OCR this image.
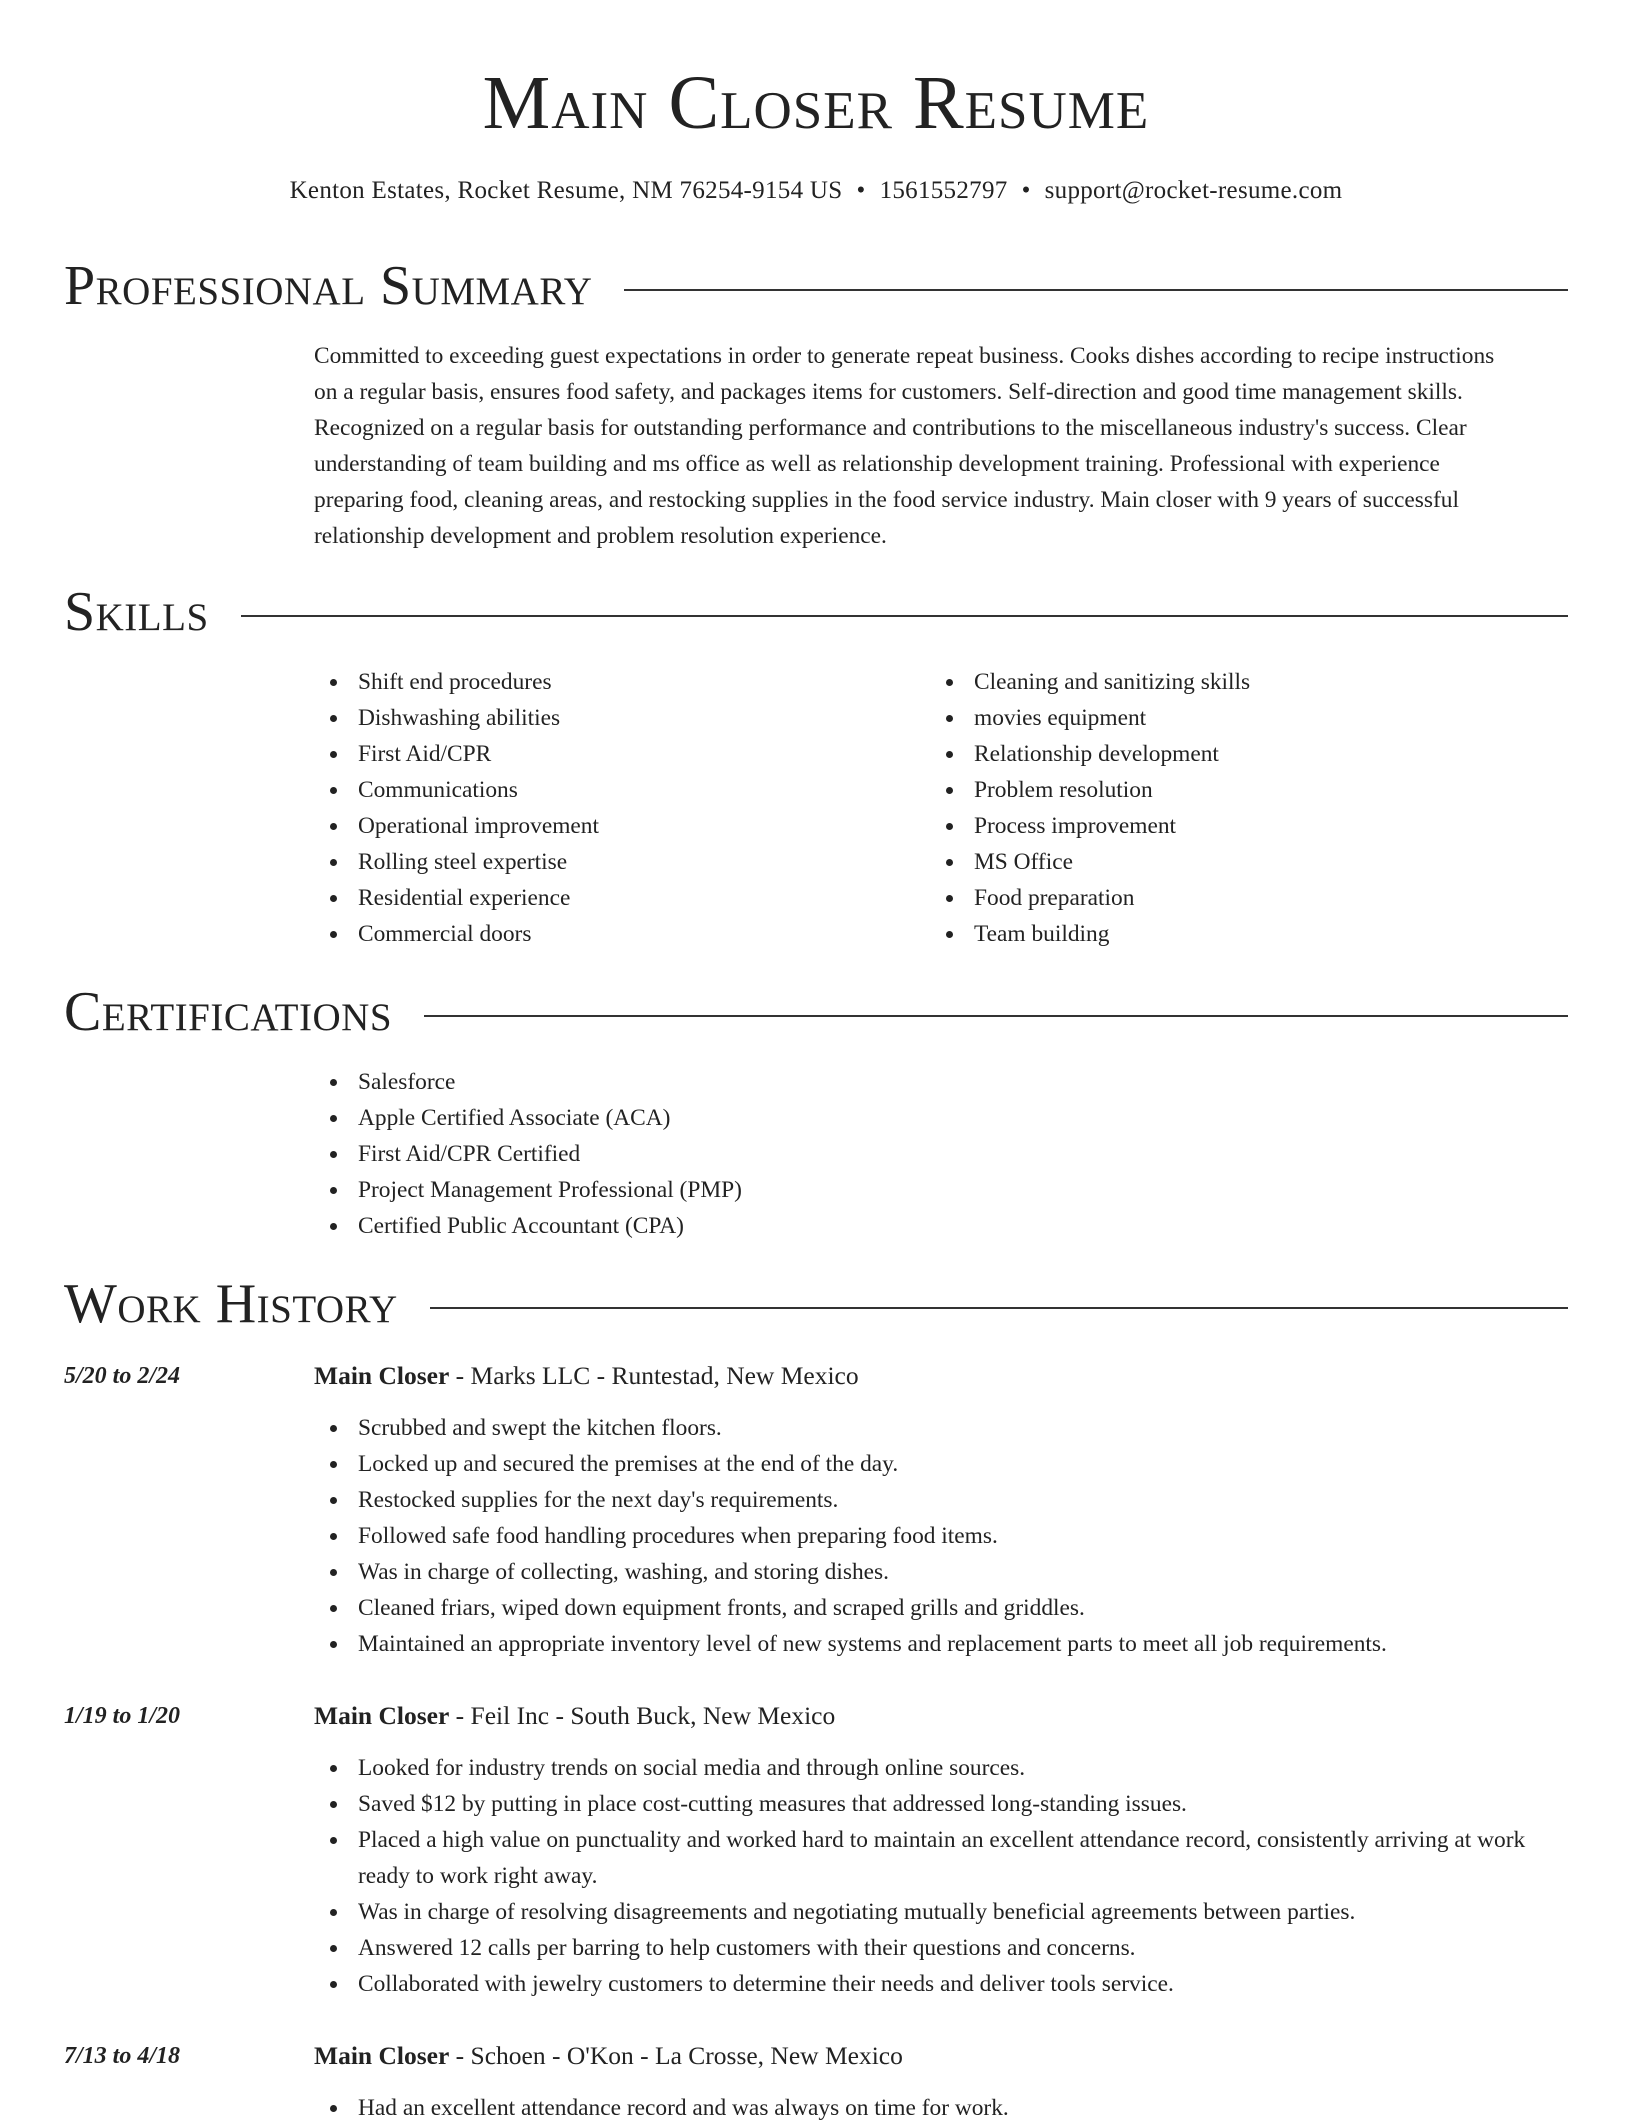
Main Closer Resume
Kenton Estates, Rocket Resume, NM 76254-9154 US • 1561552797 • support@rocket-resume.com
Professional Summary

Committed to exceeding guest expectations in order to generate repeat business. Cooks dishes according to recipe instructions on a regular basis, ensures food safety, and packages items for customers. Self-direction and good time management skills. Recognized on a regular basis for outstanding performance and contributions to the miscellaneous industry's success. Clear understanding of team building and ms office as well as relationship development training. Professional with experience preparing food, cleaning areas, and restocking supplies in the food service industry. Main closer with 9 years of successful relationship development and problem resolution experience.

Skills
Shift end procedures
Dishwashing abilities
First Aid/CPR
Communications
Operational improvement
Rolling steel expertise
Residential experience
Commercial doors
Cleaning and sanitizing skills
movies equipment
Relationship development
Problem resolution
Process improvement
MS Office
Food preparation
Team building
Certifications
Salesforce
Apple Certified Associate (ACA)
First Aid/CPR Certified
Project Management Professional (PMP)
Certified Public Accountant (CPA)
Work History
5/20 to 2/24	Main Closer - Marks LLC - Runtestad, New Mexico
Scrubbed and swept the kitchen floors.
Locked up and secured the premises at the end of the day.
Restocked supplies for the next day's requirements.
Followed safe food handling procedures when preparing food items.
Was in charge of collecting, washing, and storing dishes.
Cleaned friars, wiped down equipment fronts, and scraped grills and griddles.
Maintained an appropriate inventory level of new systems and replacement parts to meet all job requirements.
1/19 to 1/20	Main Closer - Feil Inc - South Buck, New Mexico
Looked for industry trends on social media and through online sources.
Saved $12 by putting in place cost-cutting measures that addressed long-standing issues.
Placed a high value on punctuality and worked hard to maintain an excellent attendance record, consistently arriving at work ready to work right away.
Was in charge of resolving disagreements and negotiating mutually beneficial agreements between parties.
Answered 12 calls per barring to help customers with their questions and concerns.
Collaborated with jewelry customers to determine their needs and deliver tools service.
7/13 to 4/18	Main Closer - Schoen - O'Kon - La Crosse, New Mexico
Had an excellent attendance record and was always on time for work.
